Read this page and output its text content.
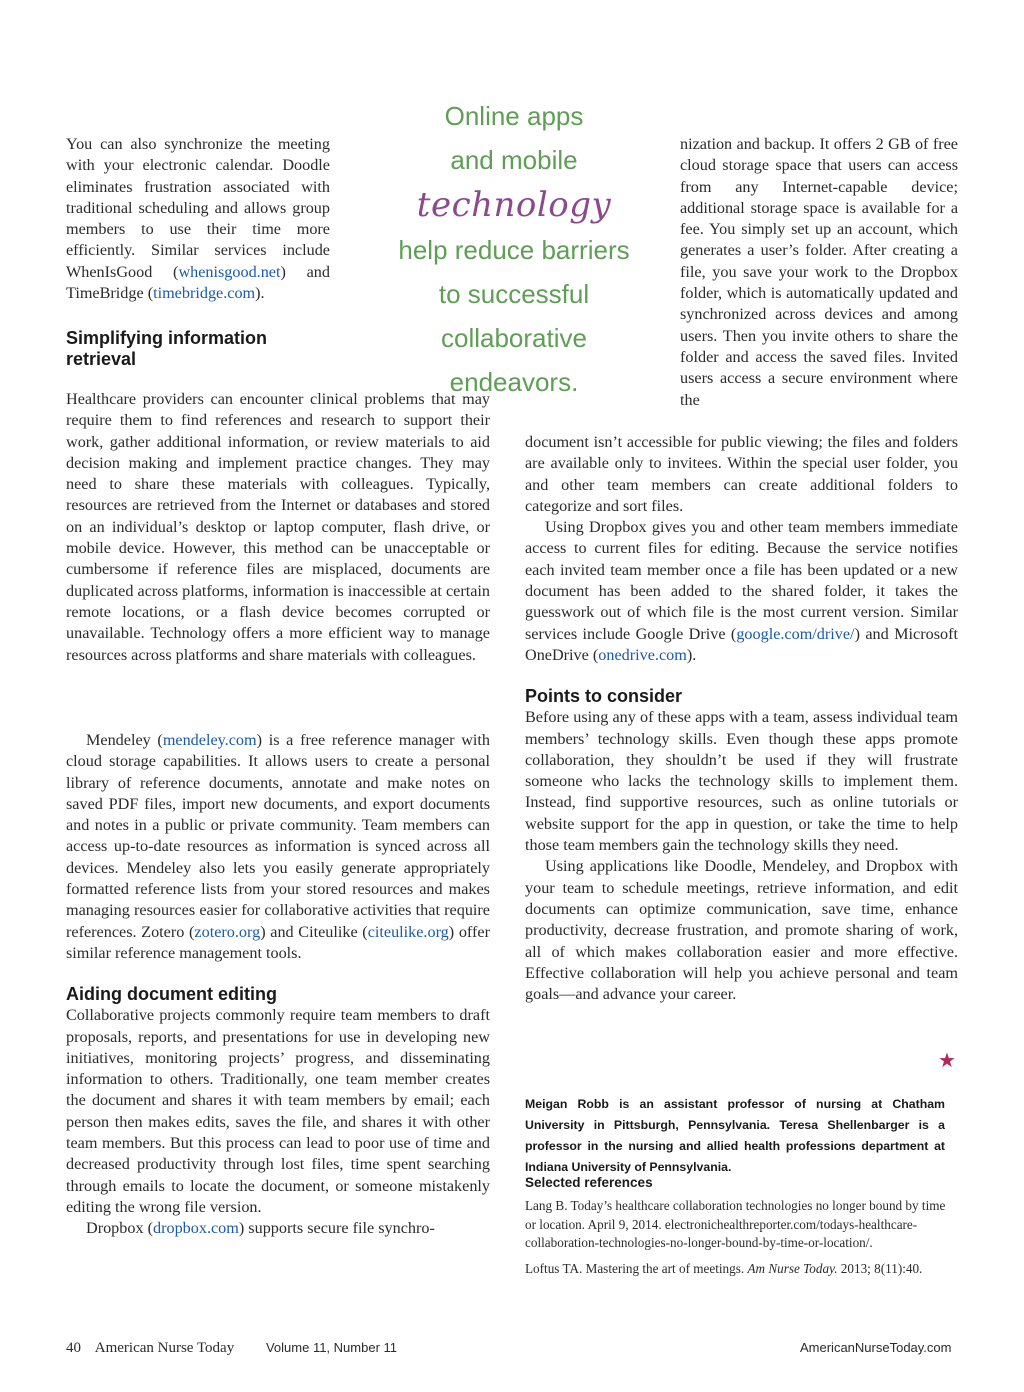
Online apps
and mobile
technology
help reduce barriers
to successful
collaborative
endeavors.

You can also synchronize the meeting with your electronic calendar. Doodle eliminates frustration associated with traditional scheduling and allows group members to use their time more efficiently. Similar services include WhenIsGood (whenisgood.net) and TimeBridge (timebridge.com).

Simplifying information retrieval

Healthcare providers can encounter clinical problems that may require them to find references and research to support their work, gather additional information, or review materials to aid decision making and implement practice changes. They may need to share these materials with colleagues. Typically, resources are retrieved from the Internet or databases and stored on an individual’s desktop or laptop computer, flash drive, or mobile device. However, this method can be unacceptable or cumbersome if reference files are misplaced, documents are duplicated across platforms, information is inaccessible at certain remote locations, or a flash device becomes corrupted or unavailable. Technology offers a more efficient way to manage resources across platforms and share materials with colleagues.

Mendeley (mendeley.com) is a free reference manager with cloud storage capabilities. It allows users to create a personal library of reference documents, annotate and make notes on saved PDF files, import new documents, and export documents and notes in a public or private community. Team members can access up-to-date resources as information is synced across all devices. Mendeley also lets you easily generate appropriately formatted reference lists from your stored resources and makes managing resources easier for collaborative activities that require references. Zotero (zotero.org) and Citeulike (citeulike.org) offer similar reference management tools.

Aiding document editing

Collaborative projects commonly require team members to draft proposals, reports, and presentations for use in developing new initiatives, monitoring projects’ progress, and disseminating information to others. Traditionally, one team member creates the document and shares it with team members by email; each person then makes edits, saves the file, and shares it with other team members. But this process can lead to poor use of time and decreased productivity through lost files, time spent searching through emails to locate the document, or someone mistakenly editing the wrong file version.

Dropbox (dropbox.com) supports secure file synchro-

nization and backup. It offers 2 GB of free cloud storage space that users can access from any Internet-capable device; additional storage space is available for a fee. You simply set up an account, which generates a user’s folder. After creating a file, you save your work to the Dropbox folder, which is automatically updated and synchronized across devices and among users. Then you invite others to share the folder and access the saved files. Invited users access a secure environment where the

document isn’t accessible for public viewing; the files and folders are available only to invitees. Within the special user folder, you and other team members can create additional folders to categorize and sort files.

Using Dropbox gives you and other team members immediate access to current files for editing. Because the service notifies each invited team member once a file has been updated or a new document has been added to the shared folder, it takes the guesswork out of which file is the most current version. Similar services include Google Drive (google.com/drive/) and Microsoft OneDrive (onedrive.com).

Points to consider

Before using any of these apps with a team, assess individual team members’ technology skills. Even though these apps promote collaboration, they shouldn’t be used if they will frustrate someone who lacks the technology skills to implement them. Instead, find supportive resources, such as online tutorials or website support for the app in question, or take the time to help those team members gain the technology skills they need.

Using applications like Doodle, Mendeley, and Dropbox with your team to schedule meetings, retrieve information, and edit documents can optimize communication, save time, enhance productivity, decrease frustration, and promote sharing of work, all of which makes collaboration easier and more effective. Effective collaboration will help you achieve personal and team goals—and advance your career.

★

Meigan Robb is an assistant professor of nursing at Chatham University in Pittsburgh, Pennsylvania. Teresa Shellenbarger is a professor in the nursing and allied health professions department at Indiana University of Pennsylvania.

Selected references

Lang B. Today’s healthcare collaboration technologies no longer bound by time or location. April 9, 2014. electronichealthreporter.com/todays-healthcare-collaboration-technologies-no-longer-bound-by-time-or-location/.

Loftus TA. Mastering the art of meetings. Am Nurse Today. 2013; 8(11):40.

40 American Nurse Today Volume 11, Number 11	AmericanNurseToday.com
